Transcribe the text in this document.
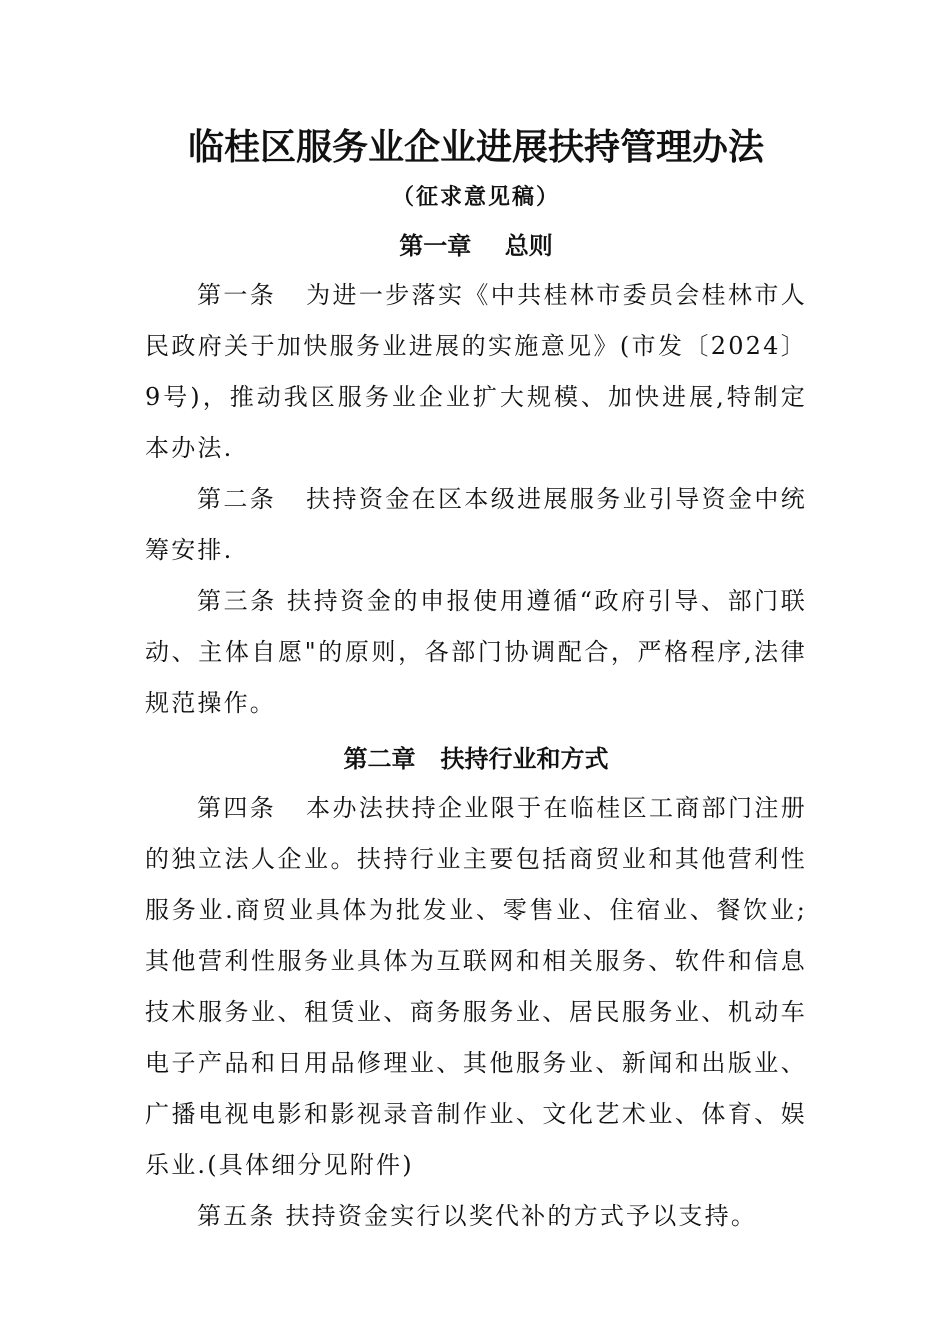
临桂区服务业企业进展扶持管理办法
（征求意见稿）
第一章    总则

第一条   为进一步落实《中共桂林市委员会桂林市人民政府关于加快服务业进展的实施意见》(市发〔2024〕9号)，推动我区服务业企业扩大规模、加快进展,特制定本办法.

第二条   扶持资金在区本级进展服务业引导资金中统筹安排.

第三条 扶持资金的申报使用遵循“政府引导、部门联动、主体自愿"的原则，各部门协调配合，严格程序,法律规范操作。

第二章   扶持行业和方式

第四条   本办法扶持企业限于在临桂区工商部门注册的独立法人企业。扶持行业主要包括商贸业和其他营利性服务业.商贸业具体为批发业、零售业、住宿业、餐饮业;其他营利性服务业具体为互联网和相关服务、软件和信息技术服务业、租赁业、商务服务业、居民服务业、机动车电子产品和日用品修理业、其他服务业、新闻和出版业、广播电视电影和影视录音制作业、文化艺术业、体育、娱乐业.(具体细分见附件)

第五条 扶持资金实行以奖代补的方式予以支持。
